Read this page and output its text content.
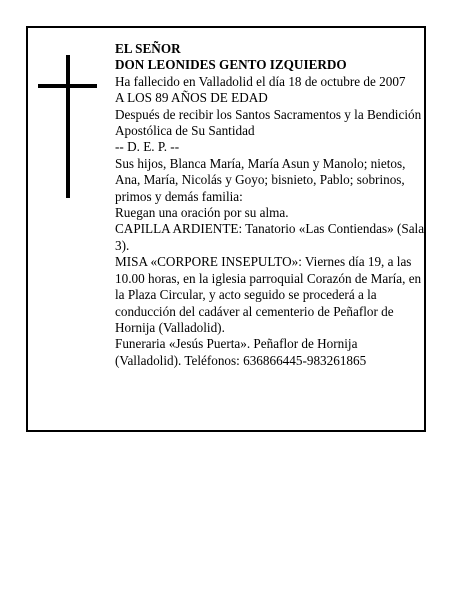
EL SEÑOR

DON LEONIDES GENTO IZQUIERDO

Ha fallecido en Valladolid el día 18 de octubre de 2007

A LOS 89 AÑOS DE EDAD

Después de recibir los Santos Sacramentos y la Bendición Apostólica de Su Santidad

-- D. E. P. --

Sus hijos, Blanca María, María Asun y Manolo; nietos, Ana, María, Nicolás y Goyo; bisnieto, Pablo; sobrinos, primos y demás familia:

Ruegan una oración por su alma.

CAPILLA ARDIENTE: Tanatorio «Las Contiendas» (Sala 3).

MISA «CORPORE INSEPULTO»: Viernes día 19, a las 10.00 horas, en la iglesia parroquial Corazón de María, en la Plaza Circular, y acto seguido se procederá a la conducción del cadáver al cementerio de Peñaflor de Hornija (Valladolid).

Funeraria «Jesús Puerta». Peñaflor de Hornija (Valladolid). Teléfonos: 636866445-983261865
